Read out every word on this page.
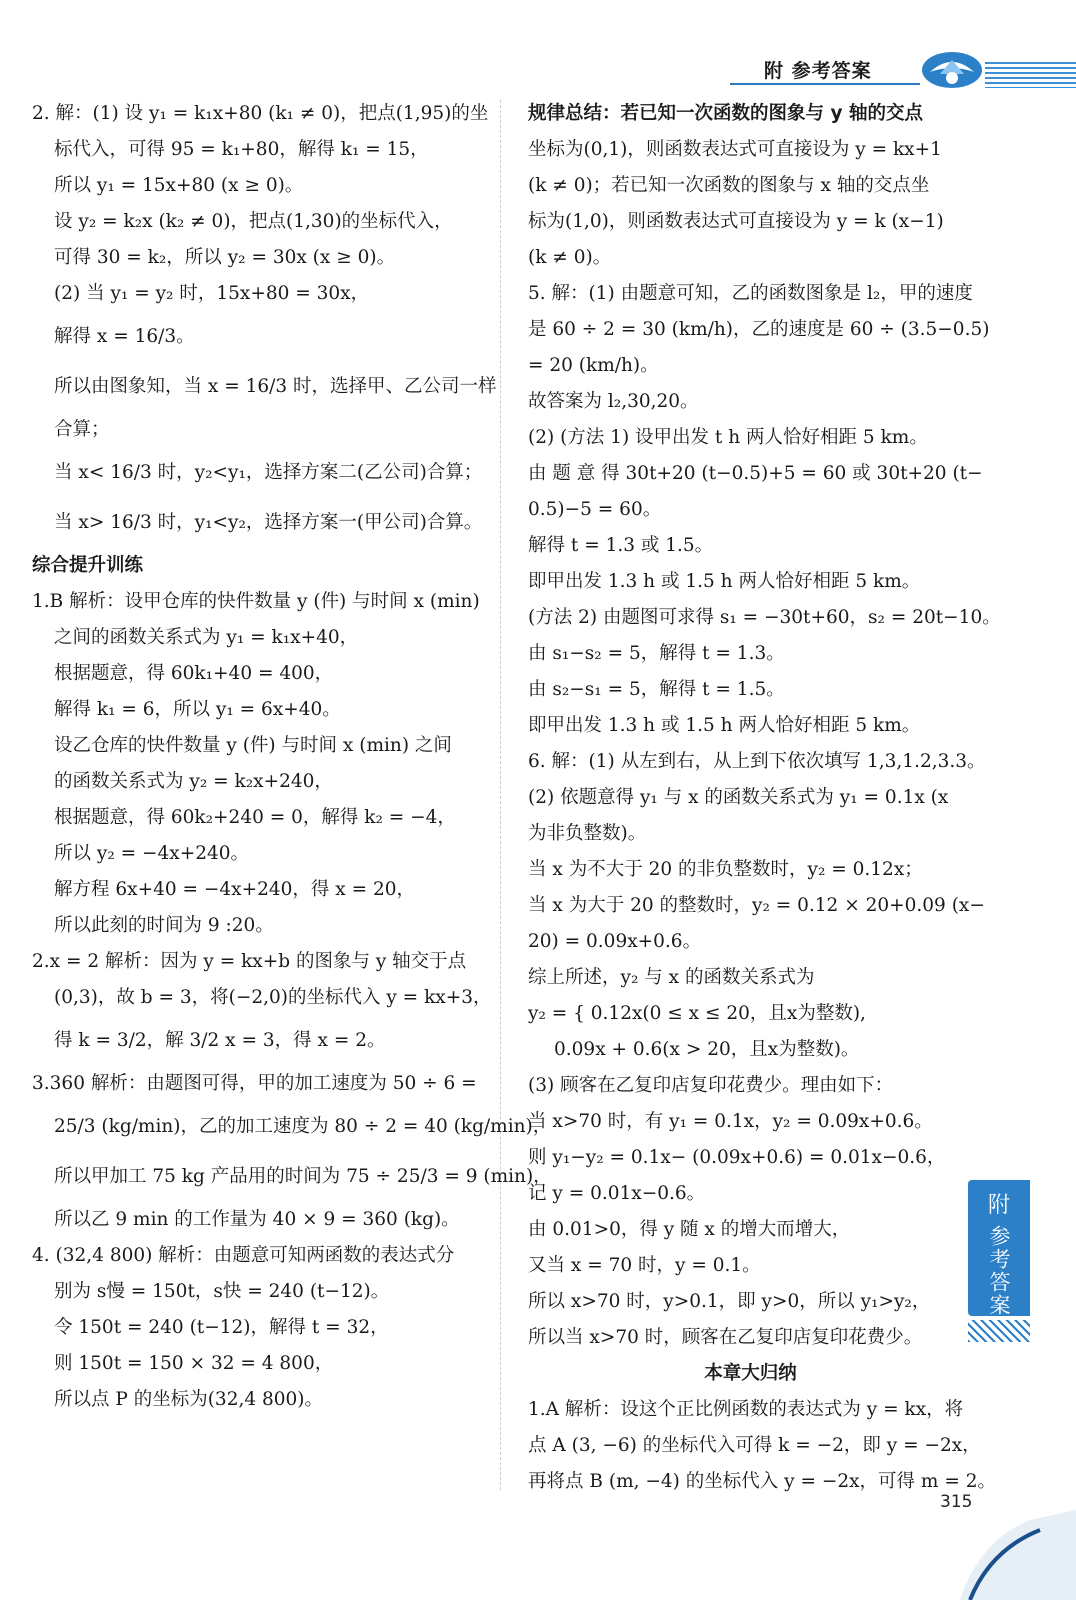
附 参考答案
2. 解：(1) 设 y₁ = k₁x+80 (k₁ ≠ 0)，把点(1,95)的坐
标代入，可得 95 = k₁+80，解得 k₁ = 15，
所以 y₁ = 15x+80 (x ≥ 0)。
设 y₂ = k₂x (k₂ ≠ 0)，把点(1,30)的坐标代入，
可得 30 = k₂，所以 y₂ = 30x (x ≥ 0)。
(2) 当 y₁ = y₂ 时，15x+80 = 30x，
解得 x = 16/3。
所以由图象知，当 x = 16/3 时，选择甲、乙公司一样
合算；
当 x< 16/3 时，y₂<y₁，选择方案二(乙公司)合算；
当 x> 16/3 时，y₁<y₂，选择方案一(甲公司)合算。
综合提升训练
1.B 解析：设甲仓库的快件数量 y (件) 与时间 x (min)
之间的函数关系式为 y₁ = k₁x+40，
根据题意，得 60k₁+40 = 400，
解得 k₁ = 6，所以 y₁ = 6x+40。
设乙仓库的快件数量 y (件) 与时间 x (min) 之间
的函数关系式为 y₂ = k₂x+240，
根据题意，得 60k₂+240 = 0，解得 k₂ = −4，
所以 y₂ = −4x+240。
解方程 6x+40 = −4x+240，得 x = 20，
所以此刻的时间为 9 :20。
2.x = 2 解析：因为 y = kx+b 的图象与 y 轴交于点
(0,3)，故 b = 3，将(−2,0)的坐标代入 y = kx+3，
得 k = 3/2，解 3/2 x = 3，得 x = 2。
3.360 解析：由题图可得，甲的加工速度为 50 ÷ 6 =
25/3 (kg/min)，乙的加工速度为 80 ÷ 2 = 40 (kg/min)，
所以甲加工 75 kg 产品用的时间为 75 ÷ 25/3 = 9 (min)，
所以乙 9 min 的工作量为 40 × 9 = 360 (kg)。
4. (32,4 800) 解析：由题意可知两函数的表达式分
别为 s慢 = 150t，s快 = 240 (t−12)。
令 150t = 240 (t−12)，解得 t = 32，
则 150t = 150 × 32 = 4 800，
所以点 P 的坐标为(32,4 800)。
规律总结：若已知一次函数的图象与 y 轴的交点
坐标为(0,1)，则函数表达式可直接设为 y = kx+1
(k ≠ 0)；若已知一次函数的图象与 x 轴的交点坐
标为(1,0)，则函数表达式可直接设为 y = k (x−1)
(k ≠ 0)。
5. 解：(1) 由题意可知，乙的函数图象是 l₂，甲的速度
是 60 ÷ 2 = 30 (km/h)，乙的速度是 60 ÷ (3.5−0.5)
= 20 (km/h)。
故答案为 l₂,30,20。
(2) (方法 1) 设甲出发 t h 两人恰好相距 5 km。
由 题 意 得 30t+20 (t−0.5)+5 = 60 或 30t+20 (t−
0.5)−5 = 60。
解得 t = 1.3 或 1.5。
即甲出发 1.3 h 或 1.5 h 两人恰好相距 5 km。
(方法 2) 由题图可求得 s₁ = −30t+60，s₂ = 20t−10。
由 s₁−s₂ = 5，解得 t = 1.3。
由 s₂−s₁ = 5，解得 t = 1.5。
即甲出发 1.3 h 或 1.5 h 两人恰好相距 5 km。
6. 解：(1) 从左到右，从上到下依次填写 1,3,1.2,3.3。
(2) 依题意得 y₁ 与 x 的函数关系式为 y₁ = 0.1x (x
为非负整数)。
当 x 为不大于 20 的非负整数时，y₂ = 0.12x；
当 x 为大于 20 的整数时，y₂ = 0.12 × 20+0.09 (x−
20) = 0.09x+0.6。
综上所述，y₂ 与 x 的函数关系式为
y₂ = { 0.12x(0 ≤ x ≤ 20，且x为整数),
0.09x + 0.6(x > 20，且x为整数)。
(3) 顾客在乙复印店复印花费少。理由如下：
当 x>70 时，有 y₁ = 0.1x，y₂ = 0.09x+0.6。
则 y₁−y₂ = 0.1x− (0.09x+0.6) = 0.01x−0.6，
记 y = 0.01x−0.6。
由 0.01>0，得 y 随 x 的增大而增大，
又当 x = 70 时，y = 0.1。
所以 x>70 时，y>0.1，即 y>0，所以 y₁>y₂，
所以当 x>70 时，顾客在乙复印店复印花费少。
本章大归纳
1.A 解析：设这个正比例函数的表达式为 y = kx，将
点 A (3, −6) 的坐标代入可得 k = −2，即 y = −2x，
再将点 B (m, −4) 的坐标代入 y = −2x，可得 m = 2。
附
参考答案
315
